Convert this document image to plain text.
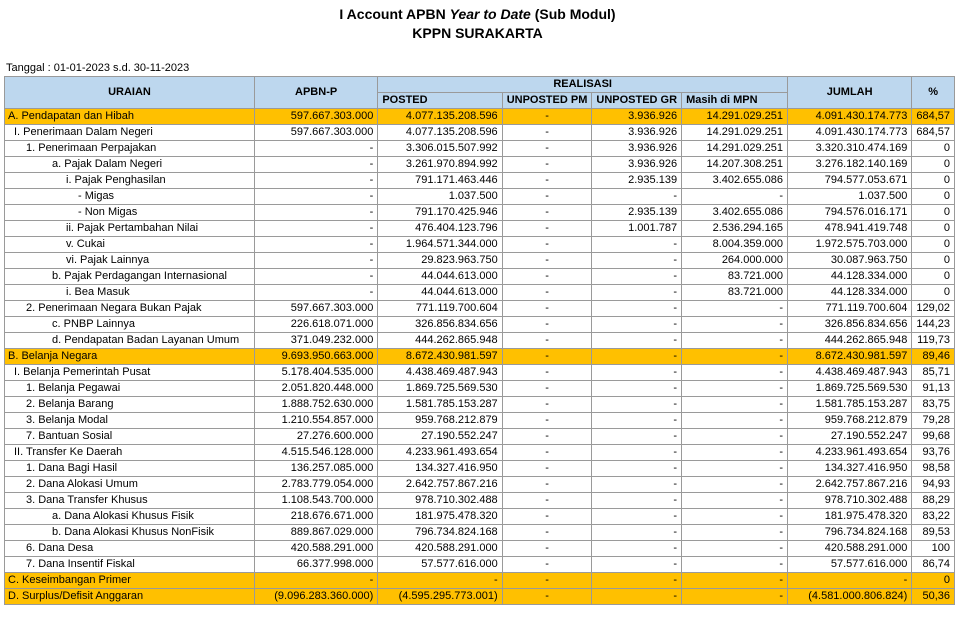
I Account APBN Year to Date (Sub Modul)
KPPN SURAKARTA
Tanggal : 01-01-2023 s.d. 30-11-2023
URAIAN	APBN-P	REALISASI				JUMLAH	%
		POSTED	UNPOSTED PM	UNPOSTED GR	Masih di MPN		
A. Pendapatan dan Hibah	597.667.303.000	4.077.135.208.596	-	3.936.926	14.291.029.251	4.091.430.174.773	684,57
I. Penerimaan Dalam Negeri	597.667.303.000	4.077.135.208.596	-	3.936.926	14.291.029.251	4.091.430.174.773	684,57
1. Penerimaan Perpajakan	-	3.306.015.507.992	-	3.936.926	14.291.029.251	3.320.310.474.169	0
a. Pajak Dalam Negeri	-	3.261.970.894.992	-	3.936.926	14.207.308.251	3.276.182.140.169	0
i. Pajak Penghasilan	-	791.171.463.446	-	2.935.139	3.402.655.086	794.577.053.671	0
- Migas	-	1.037.500	-	-	-	1.037.500	0
- Non Migas	-	791.170.425.946	-	2.935.139	3.402.655.086	794.576.016.171	0
ii. Pajak Pertambahan Nilai	-	476.404.123.796	-	1.001.787	2.536.294.165	478.941.419.748	0
v. Cukai	-	1.964.571.344.000	-	-	8.004.359.000	1.972.575.703.000	0
vi. Pajak Lainnya	-	29.823.963.750	-	-	264.000.000	30.087.963.750	0
b. Pajak Perdagangan Internasional	-	44.044.613.000	-	-	83.721.000	44.128.334.000	0
i. Bea Masuk	-	44.044.613.000	-	-	83.721.000	44.128.334.000	0
2. Penerimaan Negara Bukan Pajak	597.667.303.000	771.119.700.604	-	-	-	771.119.700.604	129,02
c. PNBP Lainnya	226.618.071.000	326.856.834.656	-	-	-	326.856.834.656	144,23
d. Pendapatan Badan Layanan Umum	371.049.232.000	444.262.865.948	-	-	-	444.262.865.948	119,73
B. Belanja Negara	9.693.950.663.000	8.672.430.981.597	-	-	-	8.672.430.981.597	89,46
I. Belanja Pemerintah Pusat	5.178.404.535.000	4.438.469.487.943	-	-	-	4.438.469.487.943	85,71
1. Belanja Pegawai	2.051.820.448.000	1.869.725.569.530	-	-	-	1.869.725.569.530	91,13
2. Belanja Barang	1.888.752.630.000	1.581.785.153.287	-	-	-	1.581.785.153.287	83,75
3. Belanja Modal	1.210.554.857.000	959.768.212.879	-	-	-	959.768.212.879	79,28
7. Bantuan Sosial	27.276.600.000	27.190.552.247	-	-	-	27.190.552.247	99,68
II. Transfer Ke Daerah	4.515.546.128.000	4.233.961.493.654	-	-	-	4.233.961.493.654	93,76
1. Dana Bagi Hasil	136.257.085.000	134.327.416.950	-	-	-	134.327.416.950	98,58
2. Dana Alokasi Umum	2.783.779.054.000	2.642.757.867.216	-	-	-	2.642.757.867.216	94,93
3. Dana Transfer Khusus	1.108.543.700.000	978.710.302.488	-	-	-	978.710.302.488	88,29
a. Dana Alokasi Khusus Fisik	218.676.671.000	181.975.478.320	-	-	-	181.975.478.320	83,22
b. Dana Alokasi Khusus NonFisik	889.867.029.000	796.734.824.168	-	-	-	796.734.824.168	89,53
6. Dana Desa	420.588.291.000	420.588.291.000	-	-	-	420.588.291.000	100
7. Dana Insentif Fiskal	66.377.998.000	57.577.616.000	-	-	-	57.577.616.000	86,74
C. Keseimbangan Primer	-	-	-	-	-	-	0
D. Surplus/Defisit Anggaran	(9.096.283.360.000)	(4.595.295.773.001)	-	-	-	(4.581.000.806.824)	50,36
